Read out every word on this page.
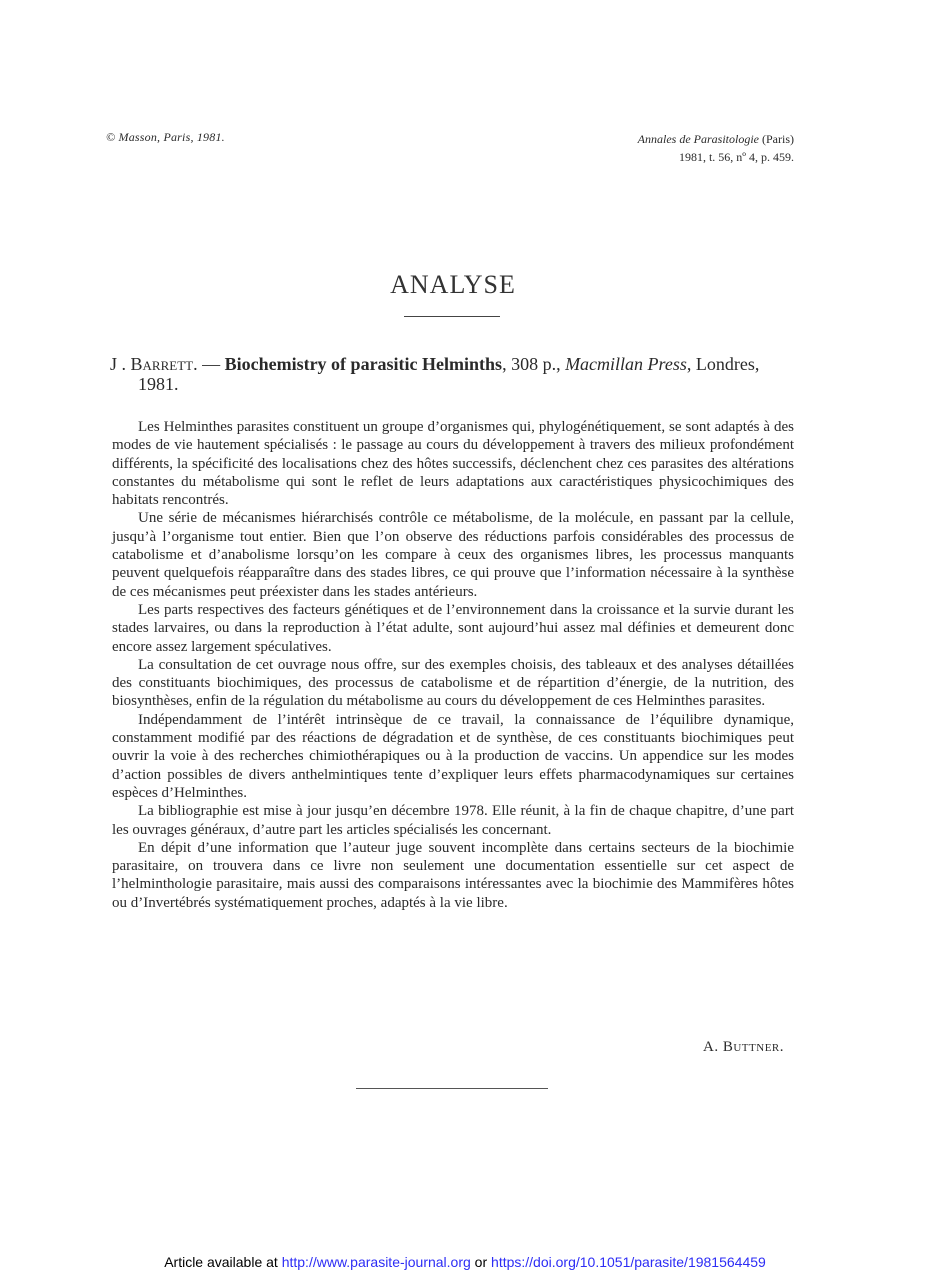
© Masson, Paris, 1981.	Annales de Parasitologie (Paris)
1981, t. 56, nº 4, p. 459.
ANALYSE
J . Barrett. — Biochemistry of parasitic Helminths, 308 p., Macmillan Press, Londres, 1981.

Les Helminthes parasites constituent un groupe d’organismes qui, phylogénétiquement, se sont adaptés à des modes de vie hautement spécialisés : le passage au cours du développement à travers des milieux profondément différents, la spécificité des localisations chez des hôtes successifs, déclenchent chez ces parasites des altérations constantes du métabolisme qui sont le reflet de leurs adaptations aux caractéristiques physicochimiques des habitats rencontrés.

Une série de mécanismes hiérarchisés contrôle ce métabolisme, de la molécule, en passant par la cellule, jusqu’à l’organisme tout entier. Bien que l’on observe des réductions parfois considérables des processus de catabolisme et d’anabolisme lorsqu’on les compare à ceux des organismes libres, les processus manquants peuvent quelquefois réapparaître dans des stades libres, ce qui prouve que l’information nécessaire à la synthèse de ces mécanismes peut préexister dans les stades antérieurs.

Les parts respectives des facteurs génétiques et de l’environnement dans la croissance et la survie durant les stades larvaires, ou dans la reproduction à l’état adulte, sont aujourd’hui assez mal définies et demeurent donc encore assez largement spéculatives.

La consultation de cet ouvrage nous offre, sur des exemples choisis, des tableaux et des analyses détaillées des constituants biochimiques, des processus de catabolisme et de répartition d’énergie, de la nutrition, des biosynthèses, enfin de la régulation du métabolisme au cours du développement de ces Helminthes parasites.

Indépendamment de l’intérêt intrinsèque de ce travail, la connaissance de l’équilibre dynamique, constamment modifié par des réactions de dégradation et de synthèse, de ces constituants biochimiques peut ouvrir la voie à des recherches chimiothérapiques ou à la production de vaccins. Un appendice sur les modes d’action possibles de divers anthelmintiques tente d’expliquer leurs effets pharmacodynamiques sur certaines espèces d’Helminthes.

La bibliographie est mise à jour jusqu’en décembre 1978. Elle réunit, à la fin de chaque chapitre, d’une part les ouvrages généraux, d’autre part les articles spécialisés les concernant.

En dépit d’une information que l’auteur juge souvent incomplète dans certains secteurs de la biochimie parasitaire, on trouvera dans ce livre non seulement une documentation essentielle sur cet aspect de l’helminthologie parasitaire, mais aussi des comparaisons intéressantes avec la biochimie des Mammifères hôtes ou d’Invertébrés systématiquement proches, adaptés à la vie libre.

A. Buttner.
Article available at http://www.parasite-journal.org or https://doi.org/10.1051/parasite/1981564459
